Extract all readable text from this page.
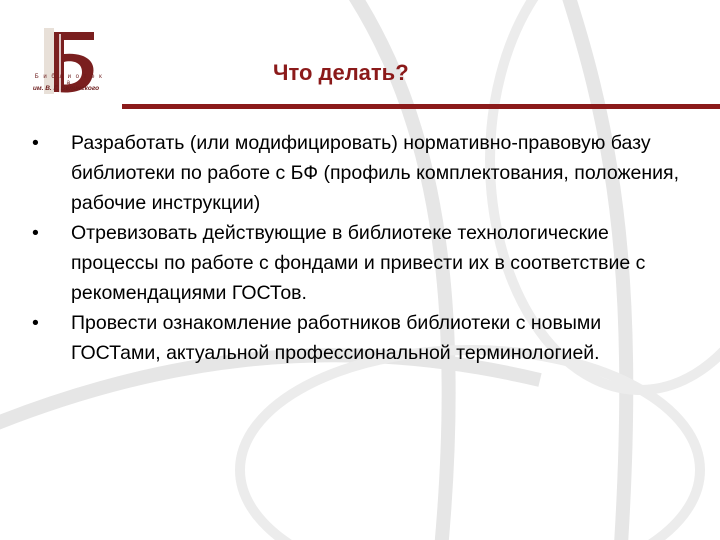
Б и б л и о т е к а
им. В. Г. Белинского
Что делать?
• Разработать (или модифицировать) нормативно-правовую базу библиотеки по работе с БФ (профиль комплектования, положения, рабочие инструкции)
• Отревизовать действующие в библиотеке технологические процессы по работе с фондами и привести их в соответствие с рекомендациями ГОСТов.
• Провести ознакомление работников библиотеки с новыми ГОСТами, актуальной профессиональной терминологией.
